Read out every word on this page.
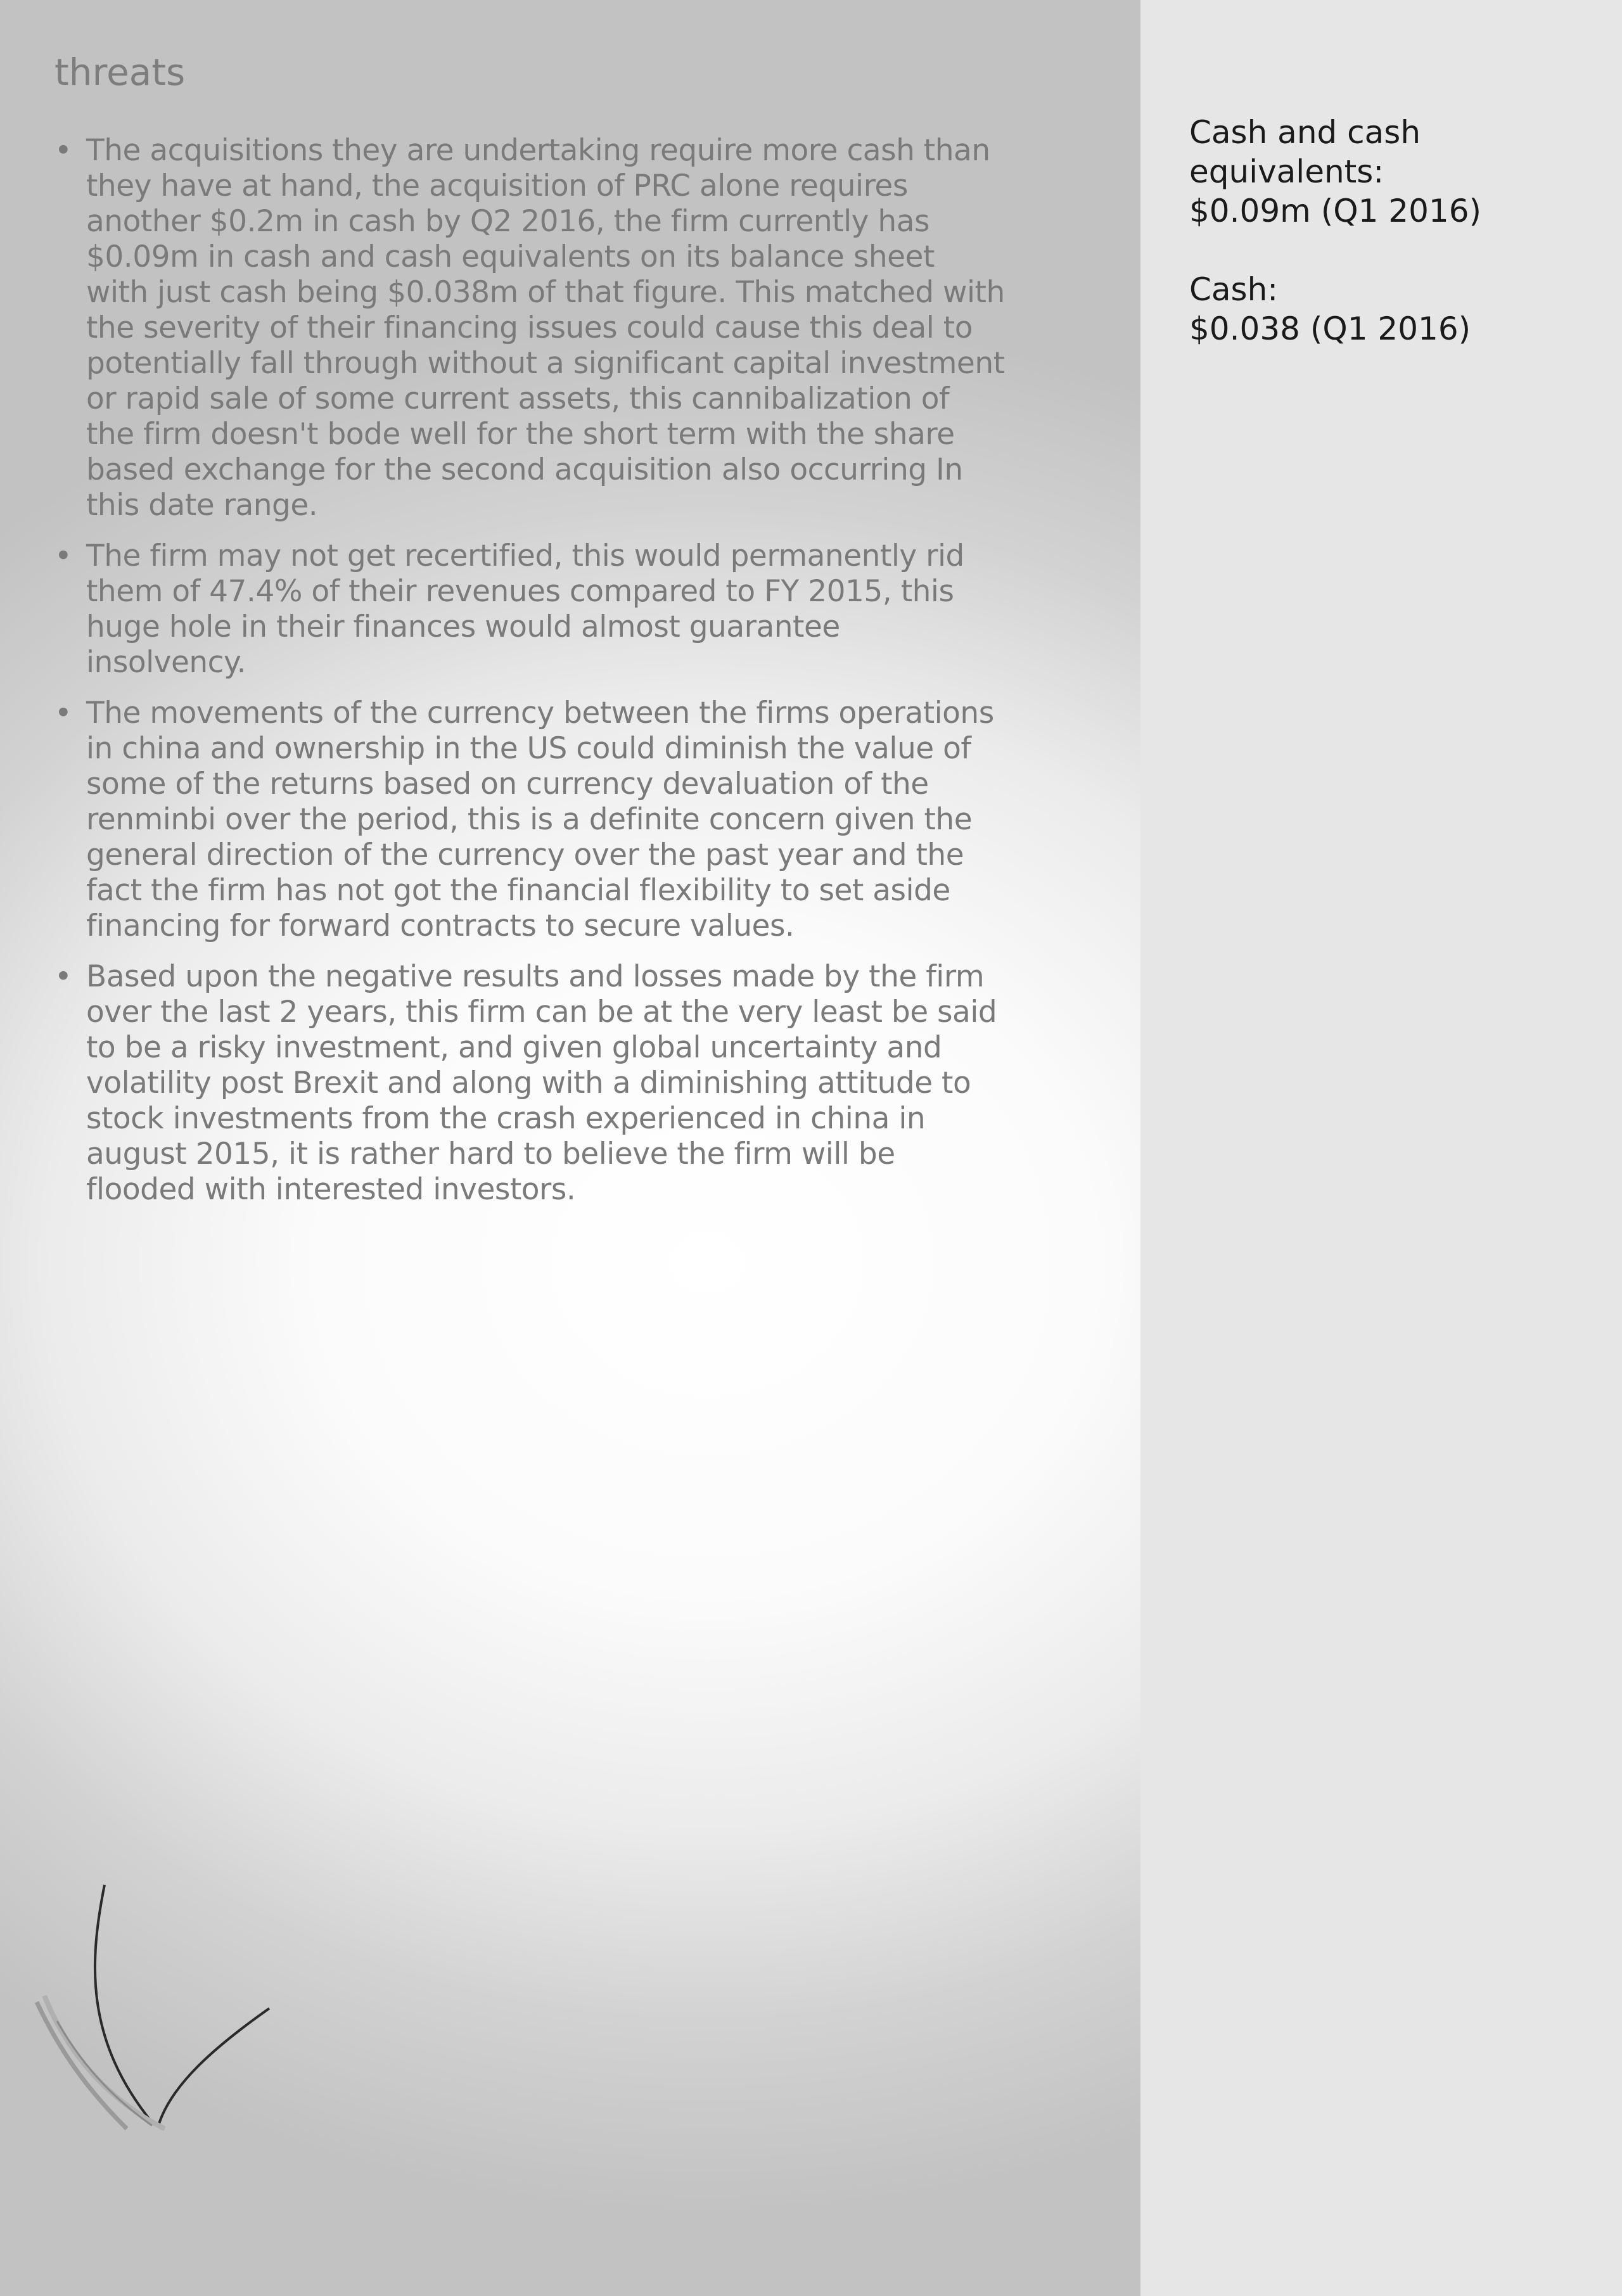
threats
• The acquisitions they are undertaking require more cash than they have at hand, the acquisition of PRC alone requires another $0.2m in cash by Q2 2016, the firm currently has $0.09m in cash and cash equivalents on its balance sheet with just cash being $0.038m of that figure. This matched with the severity of their financing issues could cause this deal to potentially fall through without a significant capital investment or rapid sale of some current assets, this cannibalization of the firm doesn't bode well for the short term with the share based exchange for the second acquisition also occurring In this date range.
• The firm may not get recertified, this would permanently rid them of 47.4% of their revenues compared to FY 2015, this huge hole in their finances would almost guarantee insolvency.
• The movements of the currency between the firms operations in china and ownership in the US could diminish the value of some of the returns based on currency devaluation of the renminbi over the period, this is a definite concern given the general direction of the currency over the past year and the fact the firm has not got the financial flexibility to set aside financing for forward contracts to secure values.
• Based upon the negative results and losses made by the firm over the last 2 years, this firm can be at the very least be said to be a risky investment, and given global uncertainty and volatility post Brexit and along with a diminishing attitude to stock investments from the crash experienced in china in august 2015, it is rather hard to believe the firm will be flooded with interested investors.

Cash and cash
equivalents:
$0.09m (Q1 2016)

Cash:
$0.038 (Q1 2016)
